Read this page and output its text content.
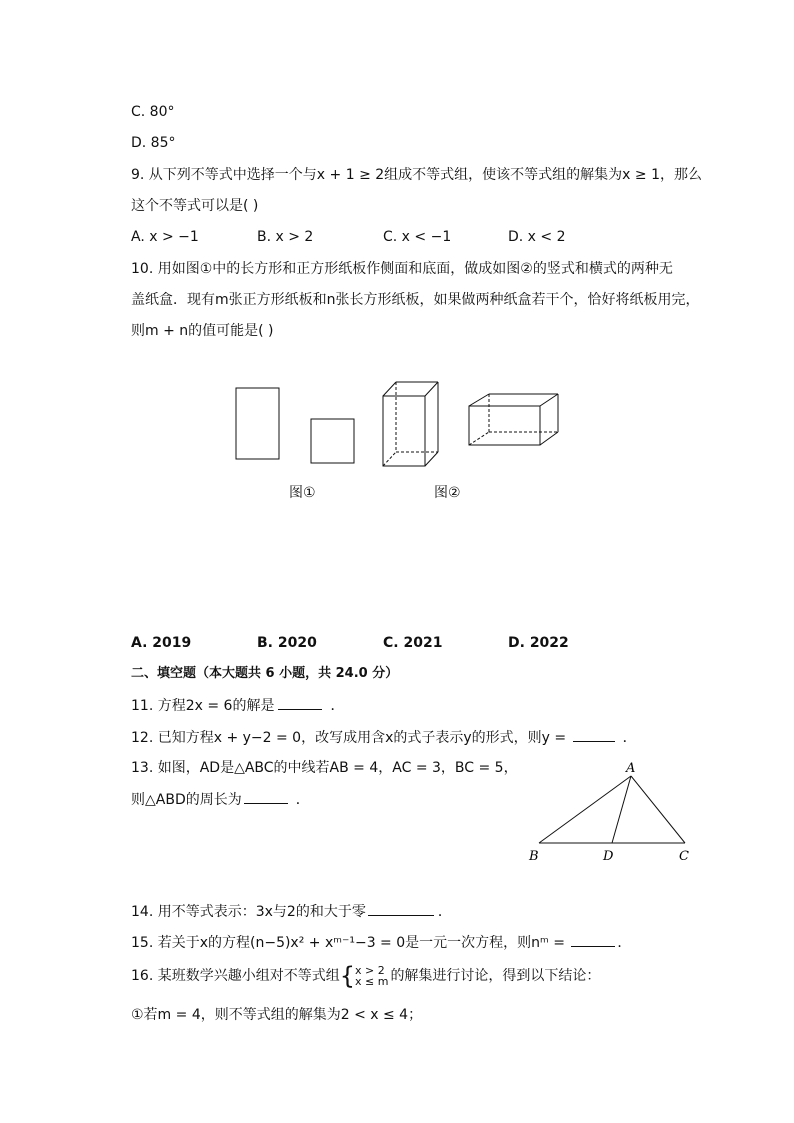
C. 80°
D. 85°
9. 从下列不等式中选择一个与x + 1 ≥ 2组成不等式组，使该不等式组的解集为x ≥ 1，那么
这个不等式可以是( )
A. x > −1	B. x > 2	C. x < −1	D. x < 2
10. 用如图①中的长方形和正方形纸板作侧面和底面，做成如图②的竖式和横式的两种无
盖纸盒．现有m张正方形纸板和n张长方形纸板，如果做两种纸盒若干个，恰好将纸板用完，
则m + n的值可能是( )
A
B	D	C
图①	图②
A. 2019	B. 2020	C. 2021	D. 2022
二、填空题（本大题共 6 小题，共 24.0 分）
11. 方程2x = 6的解是	．
12. 已知方程x + y−2 = 0，改写成用含x的式子表示y的形式，则y =	．
13. 如图，AD是△ABC的中线若AB = 4，AC = 3，BC = 5，
则△ABD的周长为	．
14. 用不等式表示：3x与2的和大于零	．
15. 若关于x的方程(n−5)x² + xᵐ⁻¹−3 = 0是一元一次方程，则nᵐ =	．
16. 某班数学兴趣小组对不等式组{ x > 2
x ≤ m 的解集进行讨论，得到以下结论：
①若m = 4，则不等式组的解集为2 < x ≤ 4；
